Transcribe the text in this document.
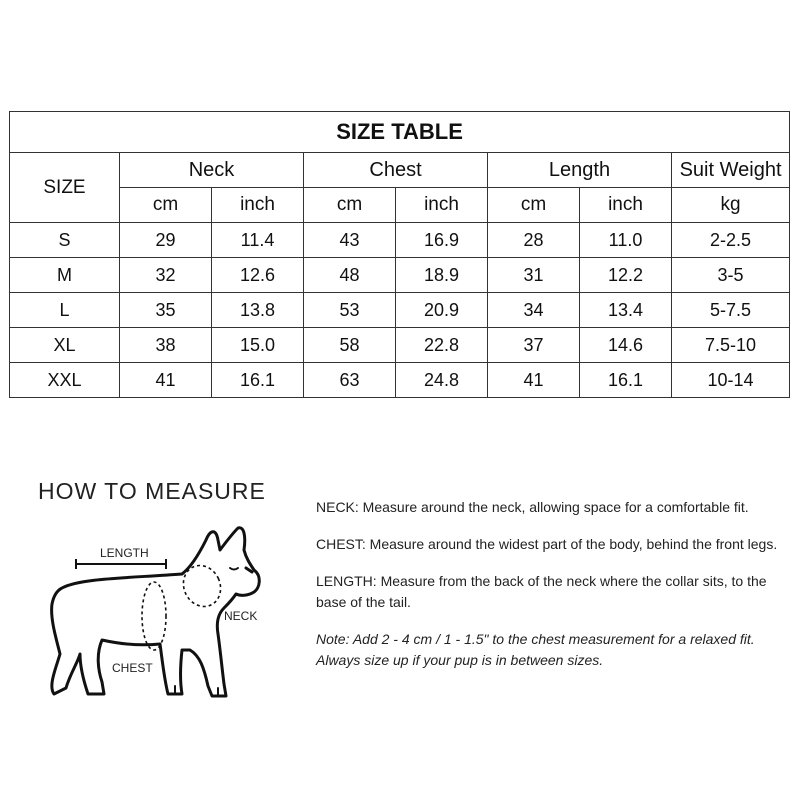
SIZE TABLE							
SIZE	Neck		Chest		Length		Suit Weight
	cm	inch	cm	inch	cm	inch	kg
S	29	11.4	43	16.9	28	11.0	2-2.5
M	32	12.6	48	18.9	31	12.2	3-5
L	35	13.8	53	20.9	34	13.4	5-7.5
XL	38	15.0	58	22.8	37	14.6	7.5-10
XXL	41	16.1	63	24.8	41	16.1	10-14
HOW TO MEASURE
LENGTH
NECK
CHEST

NECK: Measure around the neck, allowing space for a comfortable fit.

CHEST: Measure around the widest part of the body, behind the front legs.

LENGTH: Measure from the back of the neck where the collar sits, to the base of the tail.

Note: Add 2 - 4 cm / 1 - 1.5" to the chest measurement for a relaxed fit. Always size up if your pup is in between sizes.
